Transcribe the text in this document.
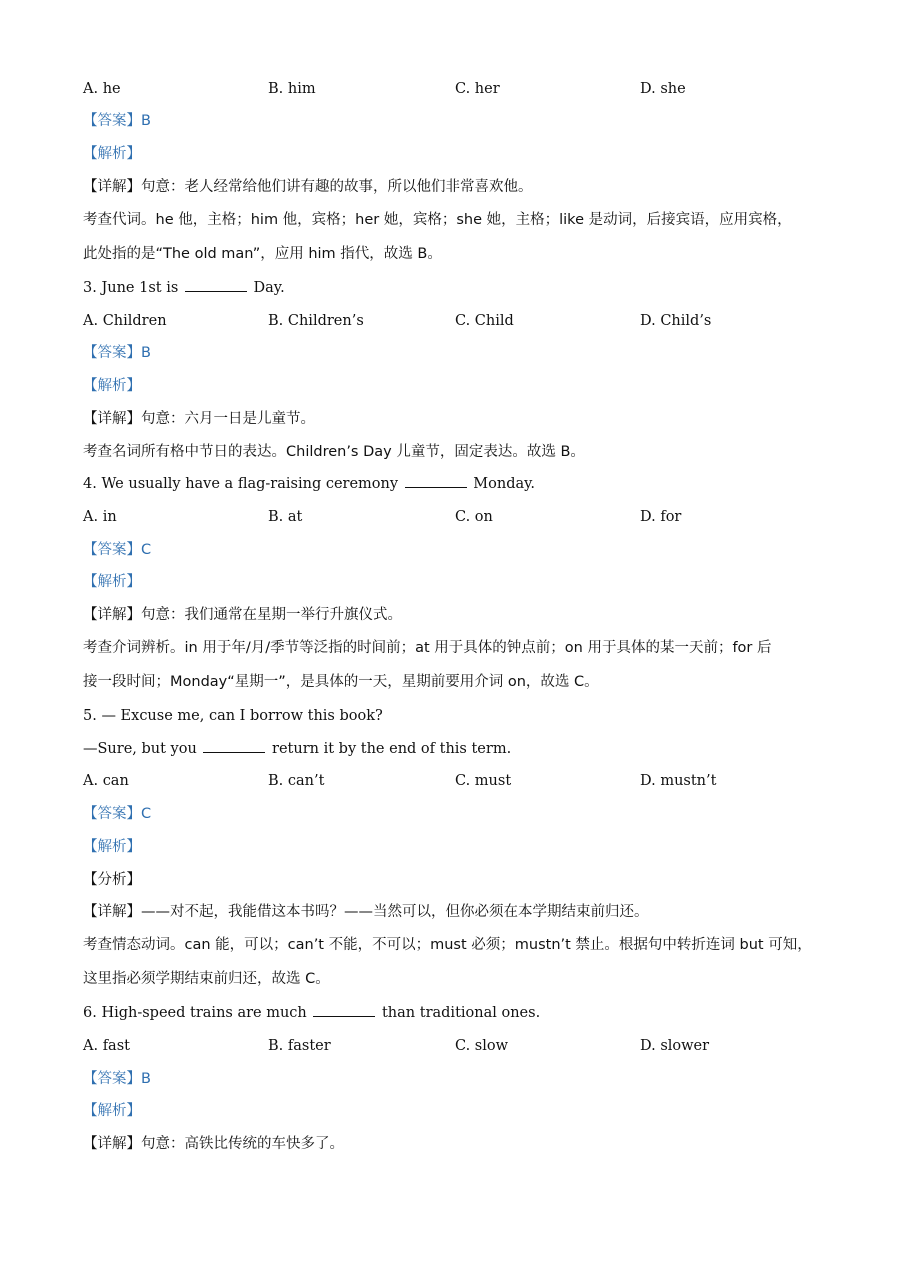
A. he	B. him	C. her	D. she
【答案】B
【解析】
【详解】句意：老人经常给他们讲有趣的故事，所以他们非常喜欢他。
考查代词。he 他，主格；him 他，宾格；her 她，宾格；she 她，主格；like 是动词，后接宾语，应用宾格，
此处指的是“The old man”，应用 him 指代，故选 B。
3. June 1st is	Day.
A. Children	B. Children’s	C. Child	D. Child’s
【答案】B
【解析】
【详解】句意：六月一日是儿童节。
考查名词所有格中节日的表达。Children’s Day 儿童节，固定表达。故选 B。
4. We usually have a flag-raising ceremony	Monday.
A. in	B. at	C. on	D. for
【答案】C
【解析】
【详解】句意：我们通常在星期一举行升旗仪式。
考查介词辨析。in 用于年/月/季节等泛指的时间前；at 用于具体的钟点前；on 用于具体的某一天前；for 后
接一段时间；Monday“星期一”，是具体的一天，星期前要用介词 on，故选 C。
5. — Excuse me, can I borrow this book?
—Sure, but you	return it by the end of this term.
A. can	B. can’t	C. must	D. mustn’t
【答案】C
【解析】
【分析】
【详解】——对不起，我能借这本书吗？——当然可以，但你必须在本学期结束前归还。
考查情态动词。can 能，可以；can’t 不能，不可以；must 必须；mustn’t 禁止。根据句中转折连词 but 可知，
这里指必须学期结束前归还，故选 C。
6. High-speed trains are much	than traditional ones.
A. fast	B. faster	C. slow	D. slower
【答案】B
【解析】
【详解】句意：高铁比传统的车快多了。
